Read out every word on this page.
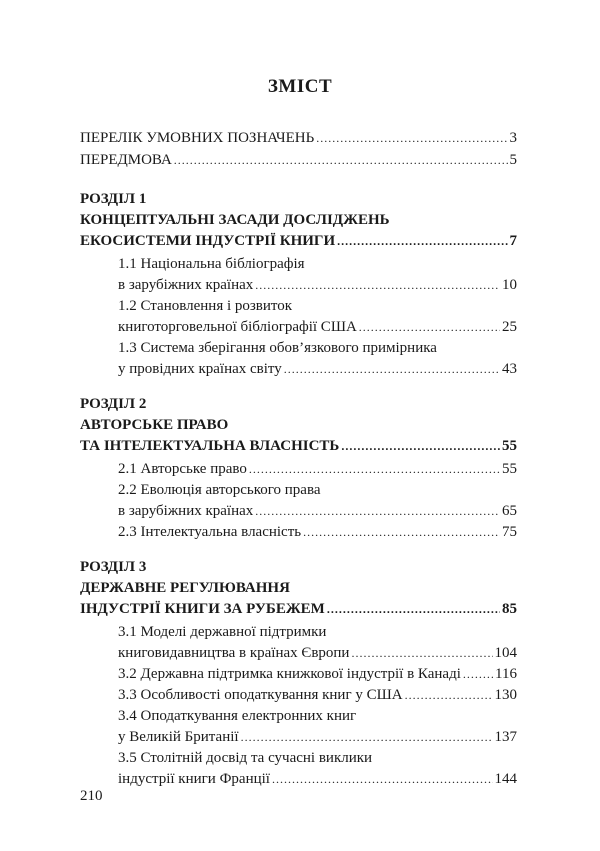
ЗМІСТ
ПЕРЕЛІК УМОВНИХ ПОЗНАЧЕНЬ .....	3
ПЕРЕДМОВА .....	5
РОЗДІЛ 1
КОНЦЕПТУАЛЬНІ ЗАСАДИ ДОСЛІДЖЕНЬ
ЕКОСИСТЕМИ ІНДУСТРІЇ КНИГИ .....	7
1.1 Національна бібліографія
в зарубіжних країнах .....	10
1.2 Становлення і розвиток
книготорговельної бібліографії США .....	25
1.3 Система зберігання обов’язкового примірника
у провідних країнах світу .....	43
РОЗДІЛ 2
АВТОРСЬКЕ ПРАВО
ТА ІНТЕЛЕКТУАЛЬНА ВЛАСНІСТЬ .....	55
2.1 Авторське право .....	55
2.2 Еволюція авторського права
в зарубіжних країнах .....	65
2.3 Інтелектуальна власність .....	75
РОЗДІЛ 3
ДЕРЖАВНЕ РЕГУЛЮВАННЯ
ІНДУСТРІЇ КНИГИ ЗА РУБЕЖЕМ .....	85
3.1 Моделі державної підтримки
книговидавництва в країнах Європи .....	104
3.2 Державна підтримка книжкової індустрії в Канаді ..... 116
3.3 Особливості оподаткування книг у США .....	130
3.4 Оподаткування електронних книг
у Великій Британії .....	137
3.5 Столітній досвід та сучасні виклики
індустрії книги Франції .....	144
210
